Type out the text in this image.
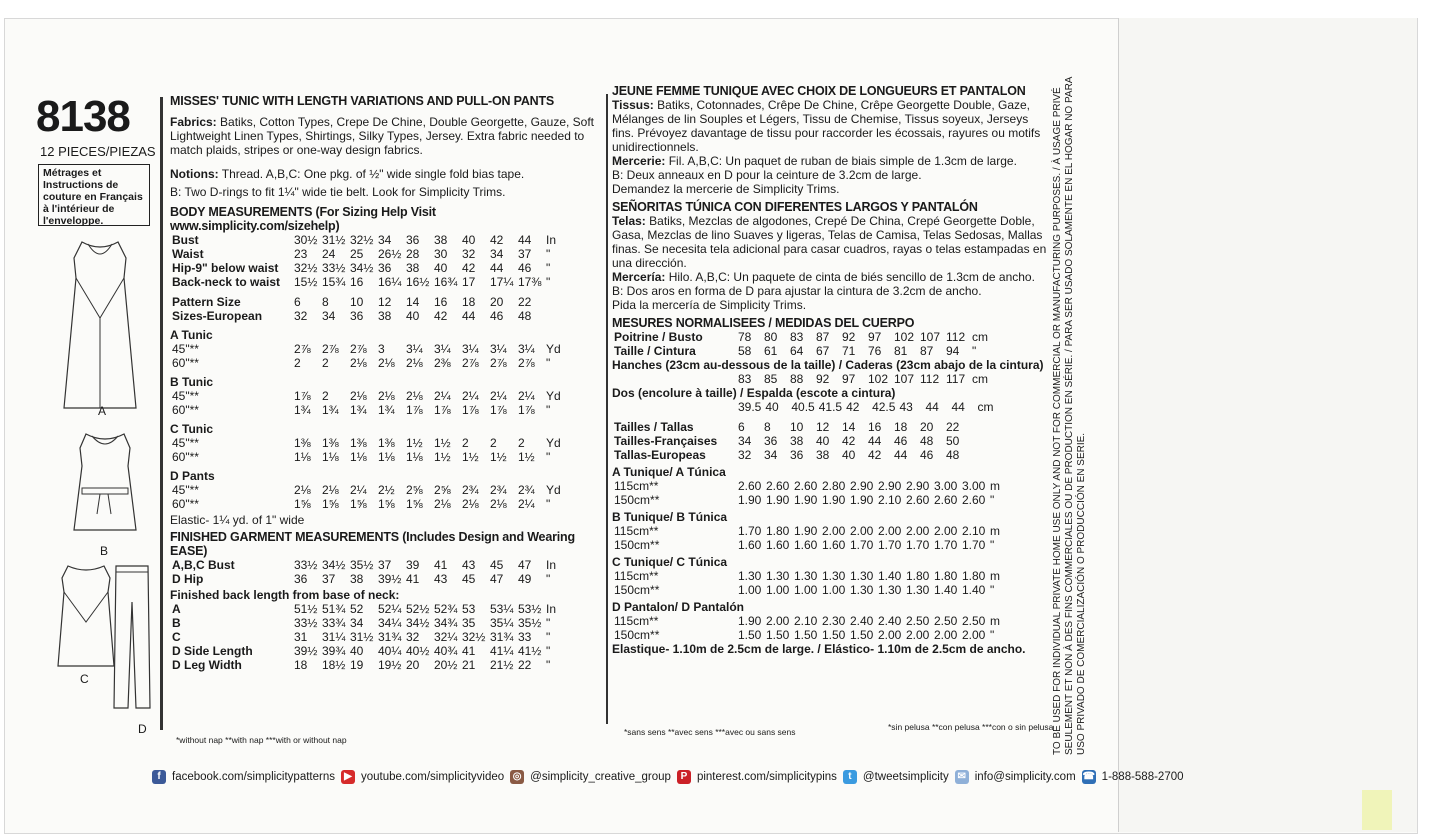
8138
12 PIECES/PIEZAS
Métrages et Instructions de couture en Français à l'intérieur de l'enveloppe.
A
B
C
D
MISSES' TUNIC WITH LENGTH VARIATIONS AND PULL-ON PANTS
Fabrics: Batiks, Cotton Types, Crepe De Chine, Double Georgette, Gauze, Soft Lightweight Linen Types, Shirtings, Silky Types, Jersey. Extra fabric needed to match plaids, stripes or one-way design fabrics.
Notions: Thread. A,B,C: One pkg. of ½" wide single fold bias tape.
B: Two D-rings to fit 1¼" wide tie belt. Look for Simplicity Trims.
BODY MEASUREMENTS (For Sizing Help Visit www.simplicity.com/sizehelp)
Bust	30½	31½	32½	34	36	38	40	42	44	In
Waist	23	24	25	26½	28	30	32	34	37	"
Hip-9" below waist	32½	33½	34½	36	38	40	42	44	46	"
Back-neck to waist	15½	15¾	16	16¼	16½	16¾	17	17¼	17⅜	"
Pattern Size	6	8	10	12	14	16	18	20	22	
Sizes-European	32	34	36	38	40	42	44	46	48	
A Tunic
45"**	2⅞	2⅞	2⅞	3	3¼	3¼	3¼	3¼	3¼	Yd
60"**	2	2	2⅛	2⅛	2⅛	2⅜	2⅞	2⅞	2⅞	"
B Tunic
45"**	1⅞	2	2⅛	2⅛	2⅛	2¼	2¼	2¼	2¼	Yd
60"**	1¾	1¾	1¾	1¾	1⅞	1⅞	1⅞	1⅞	1⅞	"
C Tunic
45"**	1⅜	1⅜	1⅜	1⅜	1½	1½	2	2	2	Yd
60"**	1⅛	1⅛	1⅛	1⅛	1⅛	1½	1½	1½	1½	"
D Pants
45"**	2⅛	2⅛	2¼	2½	2⅝	2⅝	2¾	2¾	2¾	Yd
60"**	1⅝	1⅝	1⅝	1⅝	1⅝	2⅛	2⅛	2⅛	2¼	"
Elastic- 1¼ yd. of 1" wide
FINISHED GARMENT MEASUREMENTS (Includes Design and Wearing EASE)
A,B,C Bust	33½	34½	35½	37	39	41	43	45	47	In
D Hip	36	37	38	39½	41	43	45	47	49	"
Finished back length from base of neck:
A	51½	51¾	52	52¼	52½	52¾	53	53¼	53½	In
B	33½	33¾	34	34¼	34½	34¾	35	35¼	35½	"
C	31	31¼	31½	31¾	32	32¼	32½	31¾	33	"
D Side Length	39½	39¾	40	40¼	40½	40¾	41	41¼	41½	"
D Leg Width	18	18½	19	19½	20	20½	21	21½	22	"
*without nap **with nap ***with or without nap
JEUNE FEMME TUNIQUE AVEC CHOIX DE LONGUEURS ET PANTALON
Tissus: Batiks, Cotonnades, Crêpe De Chine, Crêpe Georgette Double, Gaze, Mélanges de lin Souples et Légers, Tissu de Chemise, Tissus soyeux, Jerseys fins. Prévoyez davantage de tissu pour raccorder les écossais, rayures ou motifs unidirectionnels.
Mercerie: Fil. A,B,C: Un paquet de ruban de biais simple de 1.3cm de large.
B: Deux anneaux en D pour la ceinture de 3.2cm de large.
Demandez la mercerie de Simplicity Trims.
SEÑORITAS TÚNICA CON DIFERENTES LARGOS Y PANTALÓN
Telas: Batiks, Mezclas de algodones, Crepé De China, Crepé Georgette Doble, Gasa, Mezclas de lino Suaves y ligeras, Telas de Camisa, Telas Sedosas, Mallas finas. Se necesita tela adicional para casar cuadros, rayas o telas estampadas en una dirección.
Mercería: Hilo. A,B,C: Un paquete de cinta de biés sencillo de 1.3cm de ancho.
B: Dos aros en forma de D para ajustar la cintura de 3.2cm de ancho.
Pida la mercería de Simplicity Trims.
MESURES NORMALISEES / MEDIDAS DEL CUERPO
Poitrine / Busto	78	80	83	87	92	97	102	107	112	cm
Taille / Cintura	58	61	64	67	71	76	81	87	94	"
Hanches (23cm au-dessous de la taille) / Caderas (23cm abajo de la cintura)
	83	85	88	92	97	102	107	112	117	cm
Dos (encolure à taille) / Espalda (escote a cintura)
	39.5	40	40.5	41.5	42	42.5	43	44	44	cm
Tailles / Tallas	6	8	10	12	14	16	18	20	22
Tailles-Françaises	34	36	38	40	42	44	46	48	50
Tallas-Europeas	32	34	36	38	40	42	44	46	48
A Tunique/ A Túnica
115cm**	2.60	2.60	2.60	2.80	2.90	2.90	2.90	3.00	3.00	m
150cm**	1.90	1.90	1.90	1.90	1.90	2.10	2.60	2.60	2.60	"
B Tunique/ B Túnica
115cm**	1.70	1.80	1.90	2.00	2.00	2.00	2.00	2.00	2.10	m
150cm**	1.60	1.60	1.60	1.60	1.70	1.70	1.70	1.70	1.70	"
C Tunique/ C Túnica
115cm**	1.30	1.30	1.30	1.30	1.30	1.40	1.80	1.80	1.80	m
150cm**	1.00	1.00	1.00	1.00	1.30	1.30	1.30	1.40	1.40	"
D Pantalon/ D Pantalón
115cm**	1.90	2.00	2.10	2.30	2.40	2.40	2.50	2.50	2.50	m
150cm**	1.50	1.50	1.50	1.50	1.50	2.00	2.00	2.00	2.00	"
Elastique- 1.10m de 2.5cm de large. / Elástico- 1.10m de 2.5cm de ancho.
*sans sens **avec sens ***avec ou sans sens	*sin pelusa **con pelusa ***con o sin pelusa
TO BE USED FOR INDIVIDUAL PRIVATE HOME USE ONLY AND NOT FOR COMMERCIAL OR MANUFACTURING PURPOSES. / À USAGE PRIVÉ SEULEMENT ET NON À DES FINS COMMERCIALES OU DE PRODUCTION EN SÉRIE. / PARA SER USADO SOLAMENTE EN EL HOGAR NO PARA USO PRIVADO DE COMERCIALIZACIÓN O PRODUCCIÓN EN SERIE.
f facebook.com/simplicitypatterns ▶ youtube.com/simplicityvideo ◎ @simplicity_creative_group P pinterest.com/simplicitypins	t @tweetsimplicity ✉ info@simplicity.com ☎ 1-888-588-2700
